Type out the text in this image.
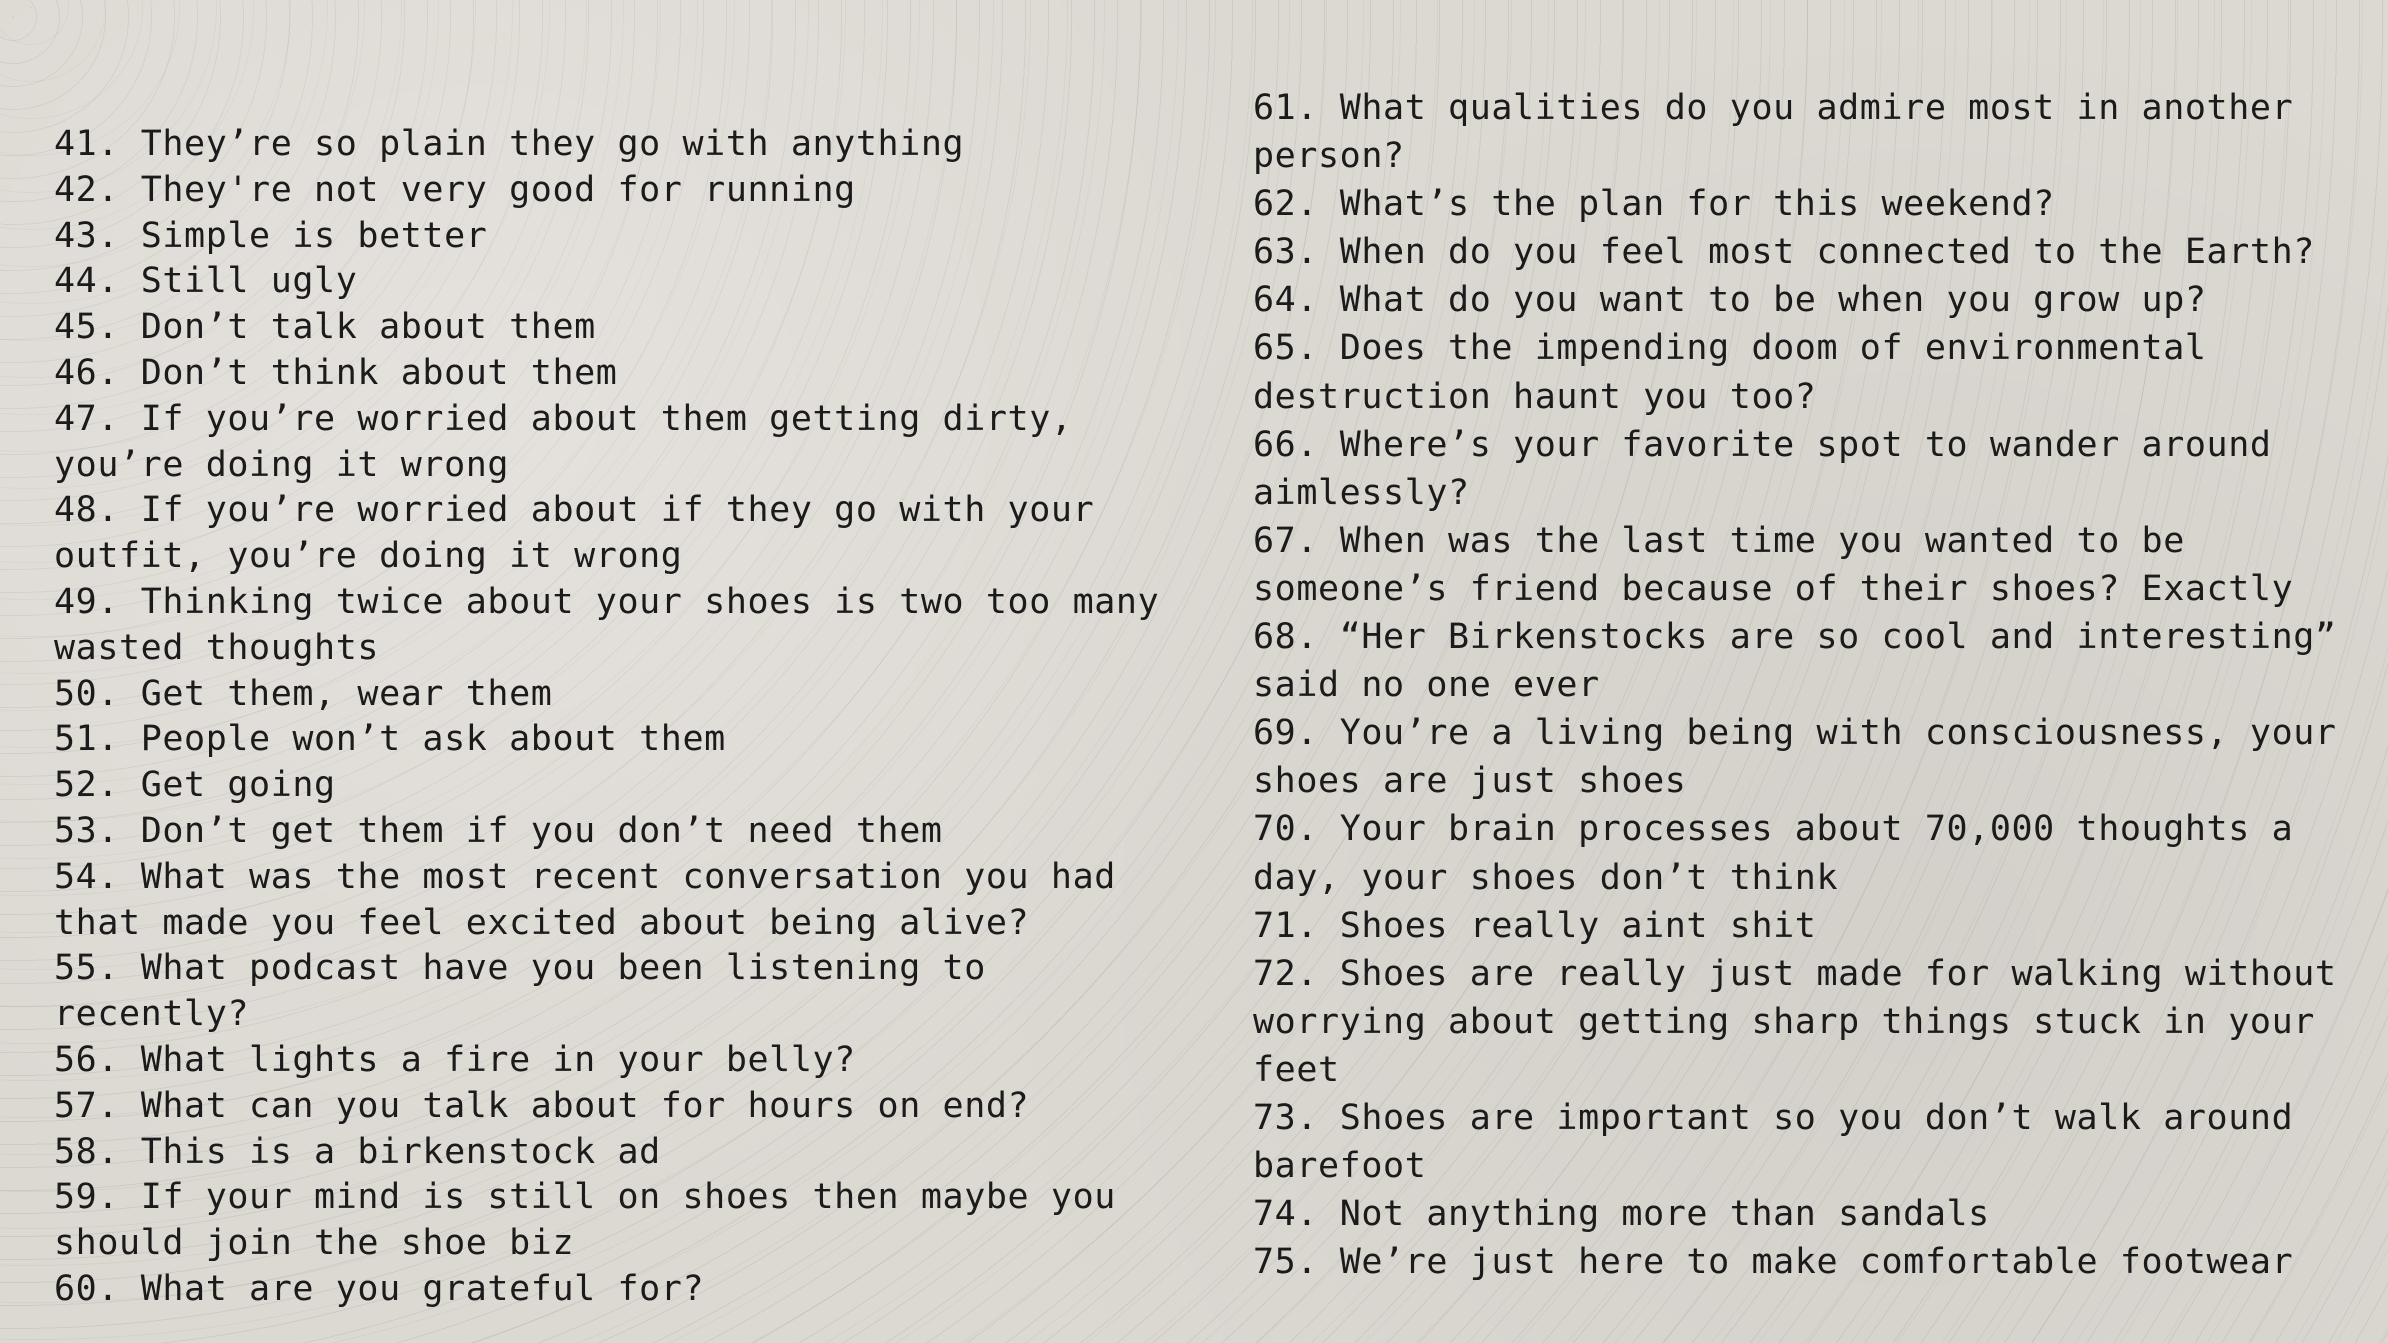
41. They’re so plain they go with anything
42. They're not very good for running
43. Simple is better
44. Still ugly
45. Don’t talk about them
46. Don’t think about them
47. If you’re worried about them getting dirty, you’re doing it wrong
48. If you’re worried about if they go with your outfit, you’re doing it wrong
49. Thinking twice about your shoes is two too many wasted thoughts
50. Get them, wear them
51. People won’t ask about them
52. Get going
53. Don’t get them if you don’t need them
54. What was the most recent conversation you had that made you feel excited about being alive?
55. What podcast have you been listening to recently?
56. What lights a fire in your belly?
57. What can you talk about for hours on end?
58. This is a birkenstock ad
59. If your mind is still on shoes then maybe you should join the shoe biz
60. What are you grateful for?
61. What qualities do you admire most in another person?
62. What’s the plan for this weekend?
63. When do you feel most connected to the Earth?
64. What do you want to be when you grow up?
65. Does the impending doom of environmental destruction haunt you too?
66. Where’s your favorite spot to wander around aimlessly?
67. When was the last time you wanted to be someone’s friend because of their shoes? Exactly
68. “Her Birkenstocks are so cool and interesting” said no one ever
69. You’re a living being with consciousness, your shoes are just shoes
70. Your brain processes about 70,000 thoughts a day, your shoes don’t think
71. Shoes really aint shit
72. Shoes are really just made for walking without worrying about getting sharp things stuck in your feet
73. Shoes are important so you don’t walk around barefoot
74. Not anything more than sandals
75. We’re just here to make comfortable footwear
